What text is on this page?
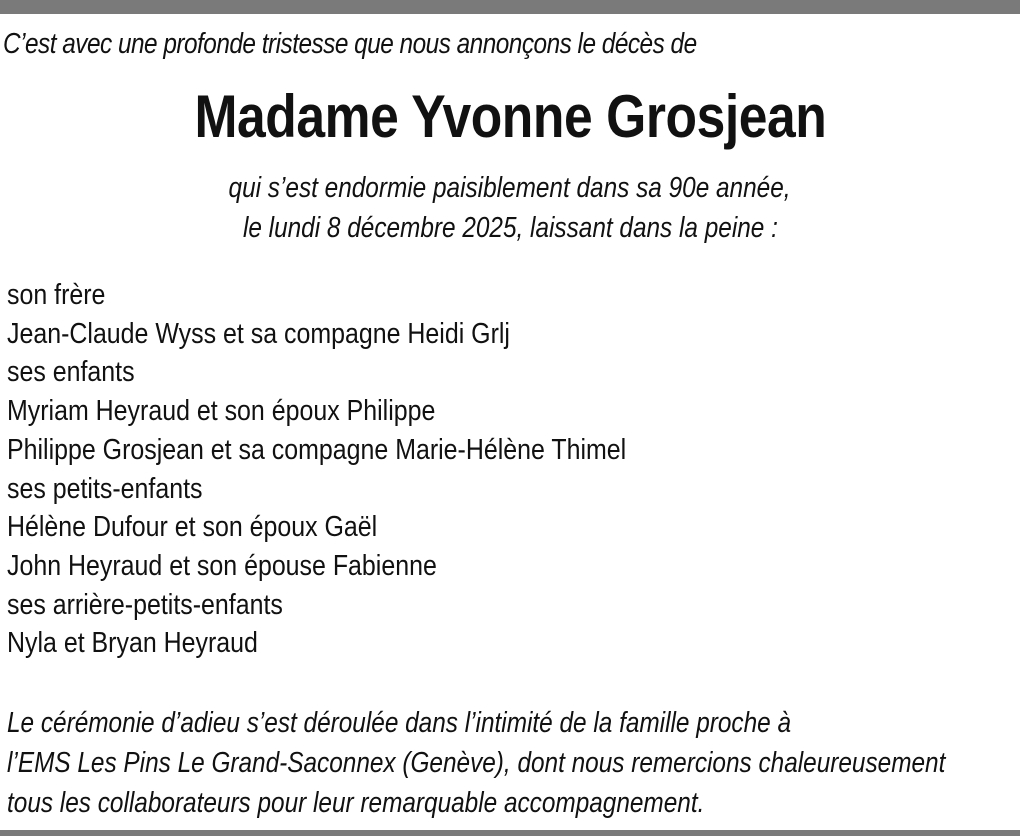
C’est avec une profonde tristesse que nous annonçons le décès de
Madame Yvonne Grosjean
qui s’est endormie paisiblement dans sa 90e année,
le lundi 8 décembre 2025, laissant dans la peine :
son frère
Jean-Claude Wyss et sa compagne Heidi Grlj
ses enfants
Myriam Heyraud et son époux Philippe
Philippe Grosjean et sa compagne Marie-Hélène Thimel
ses petits-enfants
Hélène Dufour et son époux Gaël
John Heyraud et son épouse Fabienne
ses arrière-petits-enfants
Nyla et Bryan Heyraud
Le cérémonie d’adieu s’est déroulée dans l’intimité de la famille proche à
l’EMS Les Pins Le Grand-Saconnex (Genève), dont nous remercions chaleureusement
tous les collaborateurs pour leur remarquable accompagnement.
